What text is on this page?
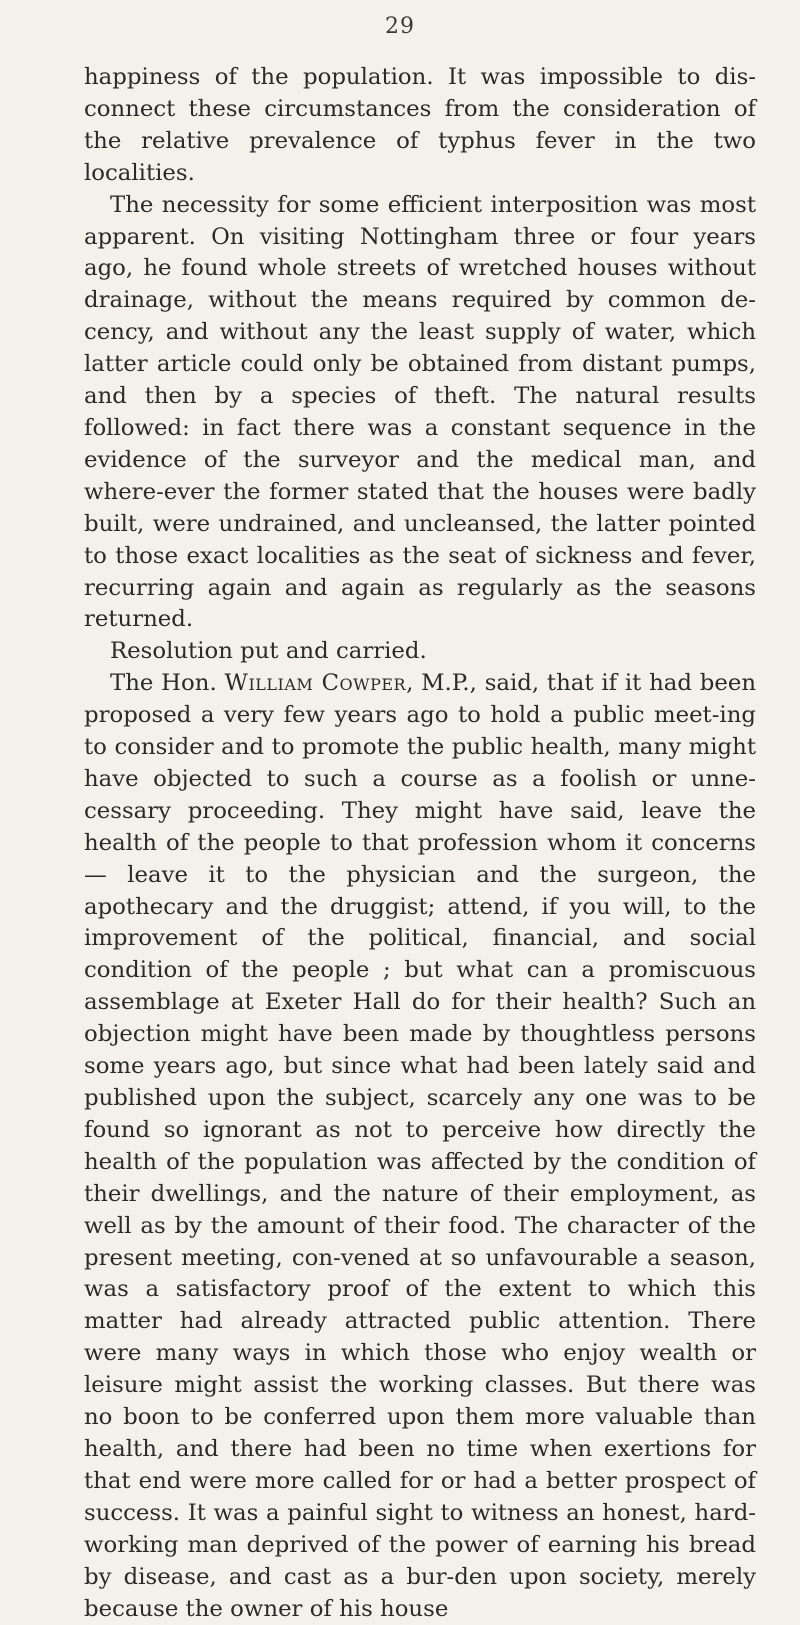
29

happiness of the population. It was impossible to dis-connect these circumstances from the consideration of the relative prevalence of typhus fever in the two localities.

The necessity for some efficient interposition was most apparent. On visiting Nottingham three or four years ago, he found whole streets of wretched houses without drainage, without the means required by common de-cency, and without any the least supply of water, which latter article could only be obtained from distant pumps, and then by a species of theft. The natural results followed: in fact there was a constant sequence in the evidence of the surveyor and the medical man, and where-ever the former stated that the houses were badly built, were undrained, and uncleansed, the latter pointed to those exact localities as the seat of sickness and fever, recurring again and again as regularly as the seasons returned.

Resolution put and carried.

The Hon. William Cowper, M.P., said, that if it had been proposed a very few years ago to hold a public meet-ing to consider and to promote the public health, many might have objected to such a course as a foolish or unne-cessary proceeding. They might have said, leave the health of the people to that profession whom it concerns— leave it to the physician and the surgeon, the apothecary and the druggist; attend, if you will, to the improvement of the political, financial, and social condition of the people ; but what can a promiscuous assemblage at Exeter Hall do for their health? Such an objection might have been made by thoughtless persons some years ago, but since what had been lately said and published upon the subject, scarcely any one was to be found so ignorant as not to perceive how directly the health of the population was affected by the condition of their dwellings, and the nature of their employment, as well as by the amount of their food. The character of the present meeting, con-vened at so unfavourable a season, was a satisfactory proof of the extent to which this matter had already attracted public attention. There were many ways in which those who enjoy wealth or leisure might assist the working classes. But there was no boon to be conferred upon them more valuable than health, and there had been no time when exertions for that end were more called for or had a better prospect of success. It was a painful sight to witness an honest, hard-working man deprived of the power of earning his bread by disease, and cast as a bur-den upon society, merely because the owner of his house
